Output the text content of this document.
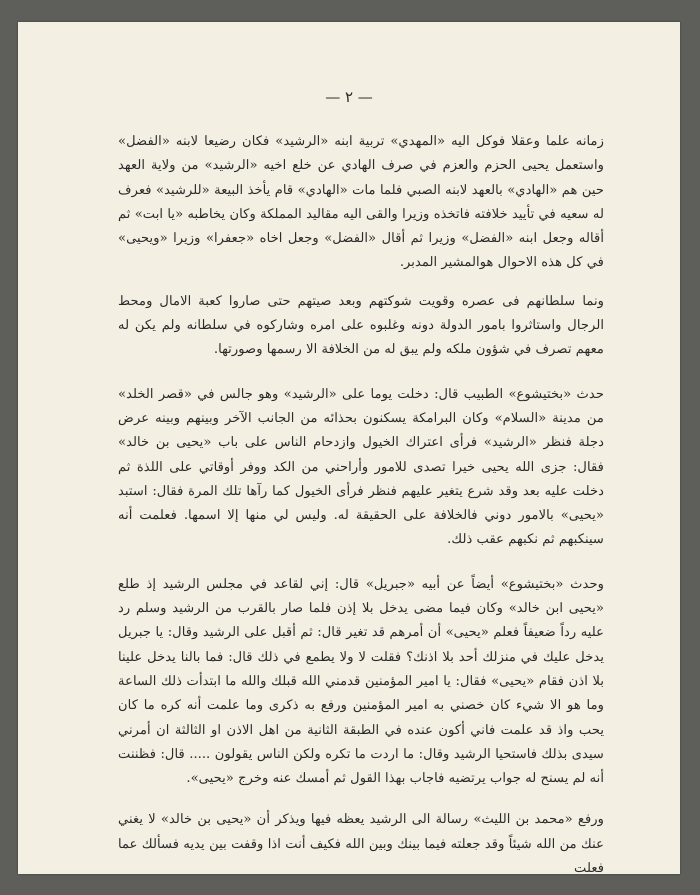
— ٢ —

زمانه علما وعقلا فوكل اليه «المهدي» تربية ابنه «الرشيد» فكان رضيعا لابنه «الفضل» واستعمل يحيى الحزم والعزم في صرف الهادي عن خلع اخيه «الرشيد» من ولاية العهد حين هم «الهادي» بالعهد لابنه الصبي فلما مات «الهادي» قام يأخذ البيعة «للرشيد» فعرف له سعيه في تأييد خلافته فاتخذه وزيرا والقى اليه مقاليد المملكة وكان يخاطبه «يا ابت» ثم أقاله وجعل ابنه «الفضل» وزيرا ثم أقال «الفضل» وجعل اخاه «جعفرا» وزيرا «ويحيى» في كل هذه الاحوال هوالمشير المدبر.

ونما سلطانهم فى عصره وقويت شوكتهم وبعد صيتهم حتى صاروا كعبة الامال ومحط الرجال واستاثروا بامور الدولة دونه وغلبوه على امره وشاركوه في سلطانه ولم يكن له معهم تصرف في شؤون ملكه ولم يبق له من الخلافة الا رسمها وصورتها.

حدث «بختيشوع» الطبيب قال: دخلت يوما على «الرشيد» وهو جالس في «قصر الخلد» من مدينة «السلام» وكان البرامكة يسكنون بحذائه من الجانب الآخر وبينهم وبينه عرض دجلة فنظر «الرشيد» فرأى اعتراك الخيول وازدحام الناس على باب «يحيى بن خالد» فقال: جزى الله يحيى خيرا تصدى للامور وأراحني من الكد ووفر أوقاتي على اللذة ثم دخلت عليه بعد وقد شرع يتغير عليهم فنظر فرأى الخيول كما رآها تلك المرة فقال: استبد «يحيى» بالامور دوني فالخلافة على الحقيقة له. وليس لي منها إلا اسمها. فعلمت أنه سينكبهم ثم نكبهم عقب ذلك.

وحدث «بختيشوع» أيضاً عن أبيه «جبريل» قال: إني لقاعد في مجلس الرشيد إذ طلع «يحيى ابن خالد» وكان فيما مضى يدخل بلا إذن فلما صار بالقرب من الرشيد وسلم رد عليه رداً ضعيفاً فعلم «يحيى» أن أمرهم قد تغير قال: ثم أقبل على الرشيد وقال: يا جبريل يدخل عليك في منزلك أحد بلا اذنك؟ فقلت لا ولا يطمع في ذلك قال: فما بالنا يدخل علينا بلا اذن فقام «يحيى» فقال: يا امير المؤمنين قدمني الله قبلك والله ما ابتدأت ذلك الساعة وما هو الا شيء كان خصني به امير المؤمنين ورفع به ذكرى وما علمت أنه كره ما كان يحب واذ قد علمت فاني أكون عنده في الطبقة الثانية من اهل الاذن او الثالثة ان أمرني سيدى بذلك فاستحيا الرشيد وقال: ما اردت ما تكره ولكن الناس يقولون ..... قال: فظننت أنه لم يسنح له جواب يرتضيه فاجاب بهذا القول ثم أمسك عنه وخرج «يحيى».

ورفع «محمد بن الليث» رسالة الى الرشيد يعظه فيها ويذكر أن «يحيى بن خالد» لا يغني عنك من الله شيئاً وقد جعلته فيما بينك وبين الله فكيف أنت اذا وقفت بين يديه فسألك عما فعلت
